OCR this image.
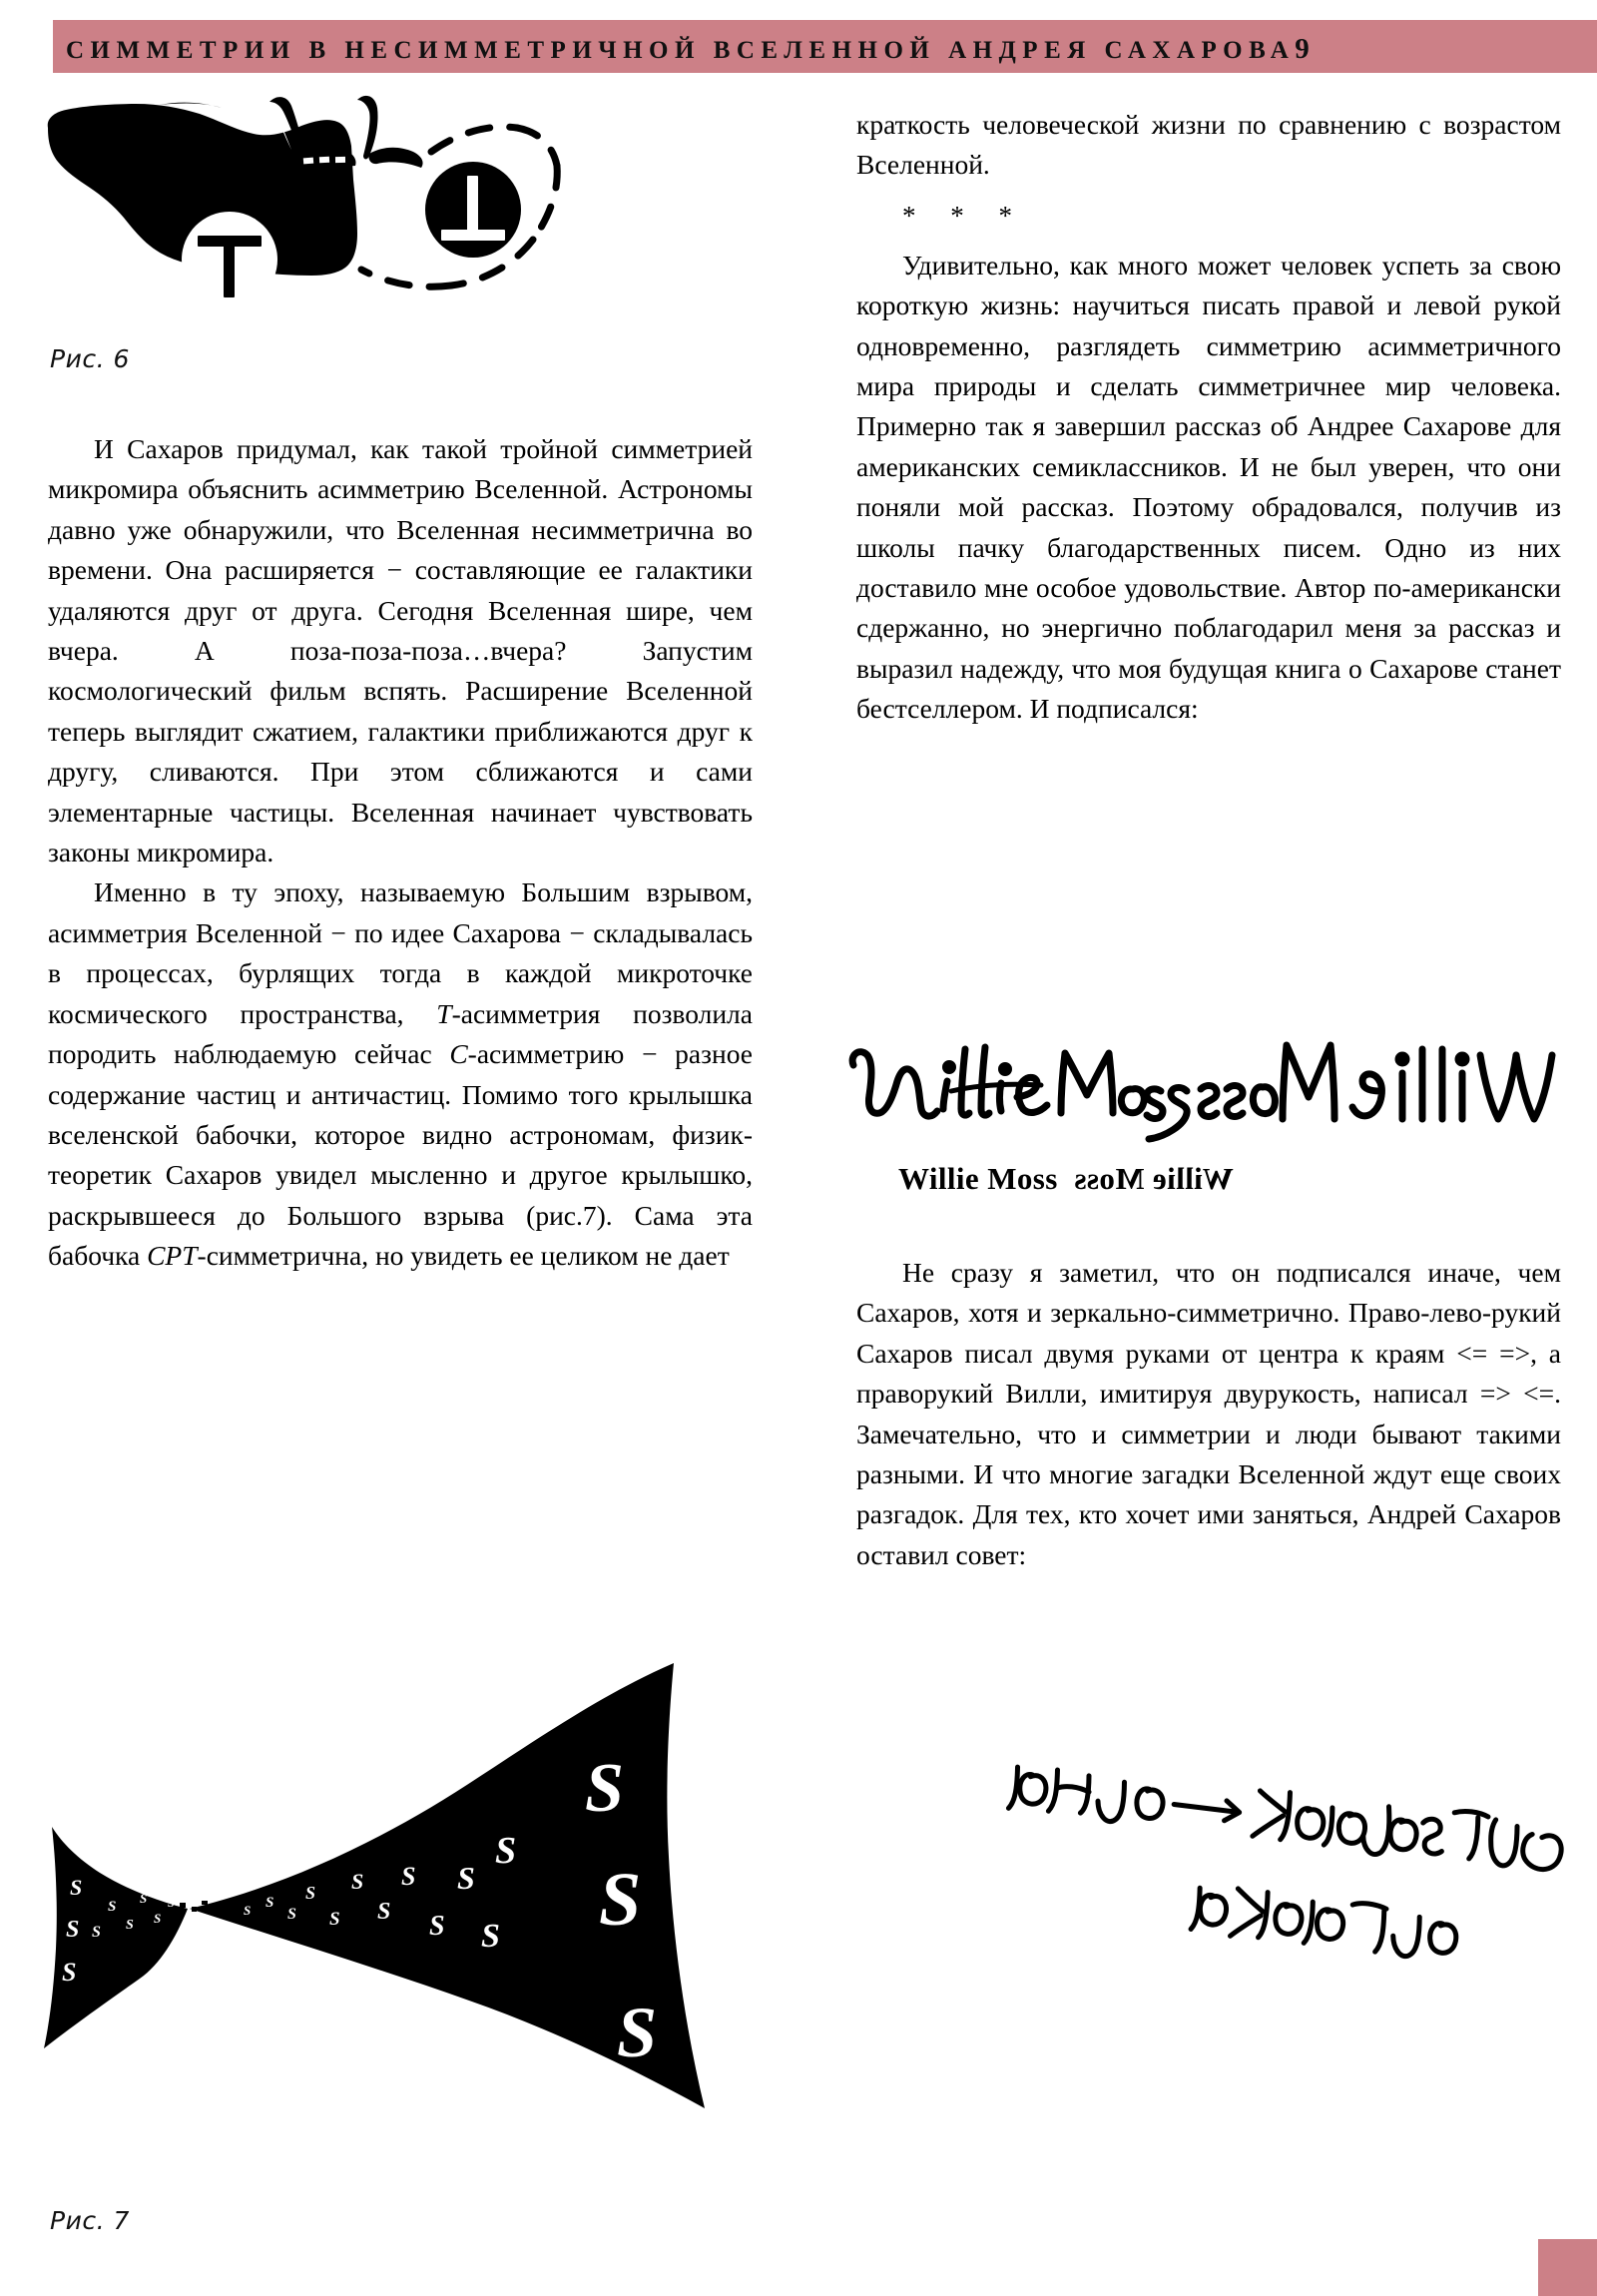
СИММЕТРИИ В НЕСИММЕТРИЧНОЙ ВСЕЛЕННОЙ АНДРЕЯ САХАРОВА9
Рис. 6

И Сахаров придумал, как такой тройной симметрией микромира объяснить асимметрию Вселенной. Астрономы давно уже обнаружили, что Вселенная несимметрична во времени. Она расширяется − составляющие ее галактики удаляются друг от друга. Сегодня Вселенная шире, чем вчера. А поза-поза-поза…вчера? Запустим космологический фильм вспять. Расширение Вселенной теперь выглядит сжатием, галактики приближаются друг к другу, сливаются. При этом сближаются и сами элементарные частицы. Вселенная начинает чувствовать законы микромира.

Именно в ту эпоху, называемую Большим взрывом, асимметрия Вселенной − по идее Сахарова − складывалась в процессах, бурлящих тогда в каждой микроточке космического пространства, T-асимметрия позволила породить наблюдаемую сейчас C-асимметрию − разное содержание частиц и античастиц. Помимо того крылышка вселенской бабочки, которое видно астрономам, физик-теоретик Сахаров увидел мысленно и другое крылышко, раскрывшееся до Большого взрыва (рис.7). Сама эта бабочка CPT-симметрична, но увидеть ее целиком не дает

S S
S
S
S
S
S
S
S
S
S
S
S
S
S
S
S
S
S
S
S
S
S
S
Рис. 7

краткость человеческой жизни по сравнению с возрастом Вселенной.

* * *

Удивительно, как много может человек успеть за свою короткую жизнь: научиться писать правой и левой рукой одновременно, разглядеть симметрию асимметричного мира природы и сделать симметричнее мир человека. Примерно так я завершил рассказ об Андрее Сахарове для американских семиклассников. И не был уверен, что они поняли мой рассказ. Поэтому обрадовался, получив из школы пачку благодарственных писем. Одно из них доставило мне особое удовольствие. Автор по-американски сдержанно, но энергично поблагодарил меня за рассказ и выразил надежду, что моя будущая книга о Сахарове станет бестселлером. И подписался:

Willie Moss Willie Moss

Не сразу я заметил, что он подписался иначе, чем Сахаров, хотя и зеркально-симметрично. Право-лево-рукий Сахаров писал двумя руками от центра к краям <= =>, а праворукий Вилли, имитируя двурукость, написал => <=. Замечательно, что и симметрии и люди бывают такими разными. И что многие загадки Вселенной ждут еще своих разгадок. Для тех, кто хочет ими заняться, Андрей Сахаров оставил совет:
